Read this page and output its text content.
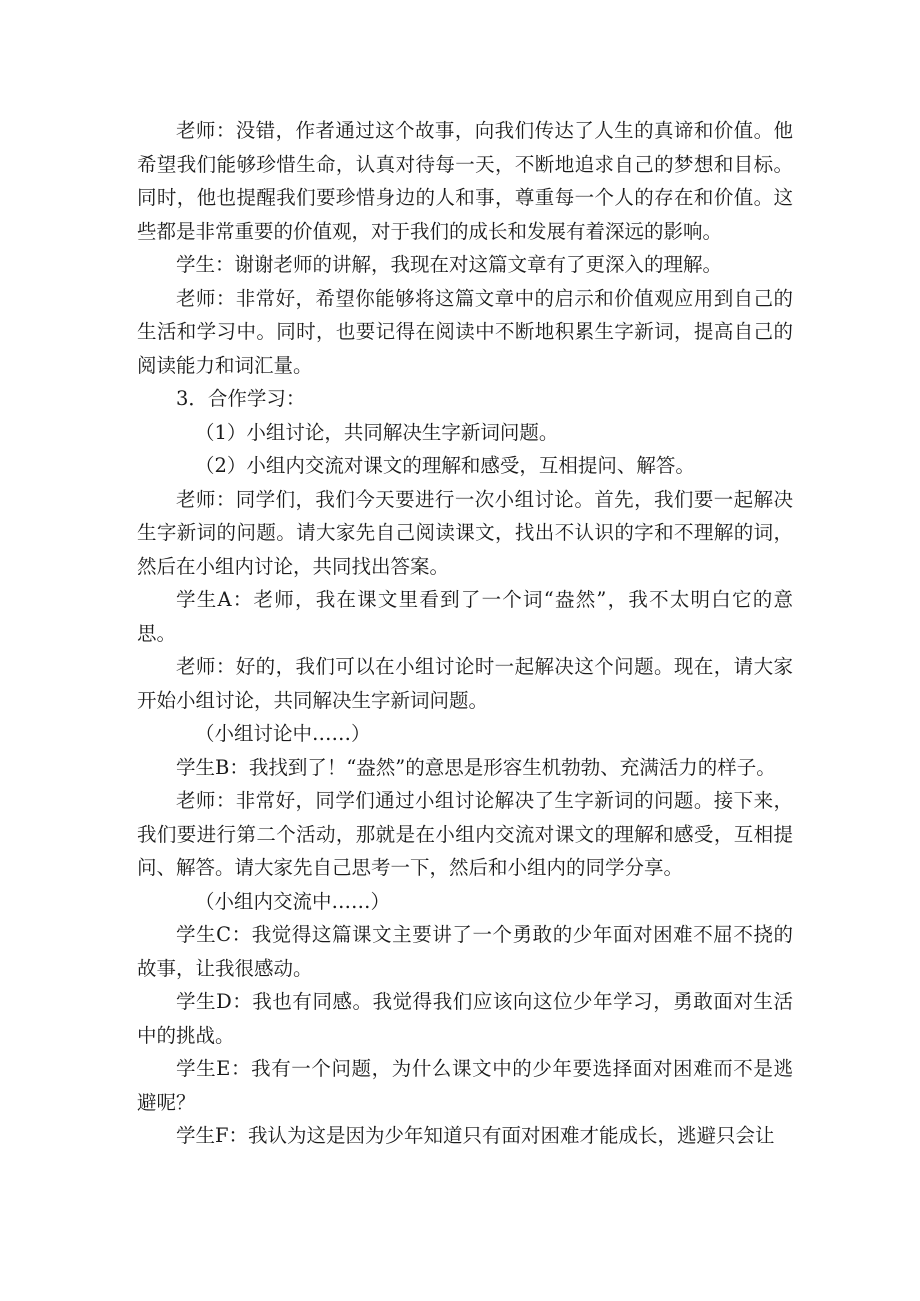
老师：没错，作者通过这个故事，向我们传达了人生的真谛和价值。他希望我们能够珍惜生命，认真对待每一天，不断地追求自己的梦想和目标。同时，他也提醒我们要珍惜身边的人和事，尊重每一个人的存在和价值。这些都是非常重要的价值观，对于我们的成长和发展有着深远的影响。

学生：谢谢老师的讲解，我现在对这篇文章有了更深入的理解。

老师：非常好，希望你能够将这篇文章中的启示和价值观应用到自己的生活和学习中。同时，也要记得在阅读中不断地积累生字新词，提高自己的阅读能力和词汇量。

3．合作学习：

（1）小组讨论，共同解决生字新词问题。

（2）小组内交流对课文的理解和感受，互相提问、解答。

老师：同学们，我们今天要进行一次小组讨论。首先，我们要一起解决生字新词的问题。请大家先自己阅读课文，找出不认识的字和不理解的词，然后在小组内讨论，共同找出答案。

学生A：老师，我在课文里看到了一个词“盎然”，我不太明白它的意思。

老师：好的，我们可以在小组讨论时一起解决这个问题。现在，请大家开始小组讨论，共同解决生字新词问题。

（小组讨论中……）

学生B：我找到了！“盎然”的意思是形容生机勃勃、充满活力的样子。

老师：非常好，同学们通过小组讨论解决了生字新词的问题。接下来，我们要进行第二个活动，那就是在小组内交流对课文的理解和感受，互相提问、解答。请大家先自己思考一下，然后和小组内的同学分享。

（小组内交流中……）

学生C：我觉得这篇课文主要讲了一个勇敢的少年面对困难不屈不挠的故事，让我很感动。

学生D：我也有同感。我觉得我们应该向这位少年学习，勇敢面对生活中的挑战。

学生E：我有一个问题，为什么课文中的少年要选择面对困难而不是逃避呢？

学生F：我认为这是因为少年知道只有面对困难才能成长，逃避只会让
